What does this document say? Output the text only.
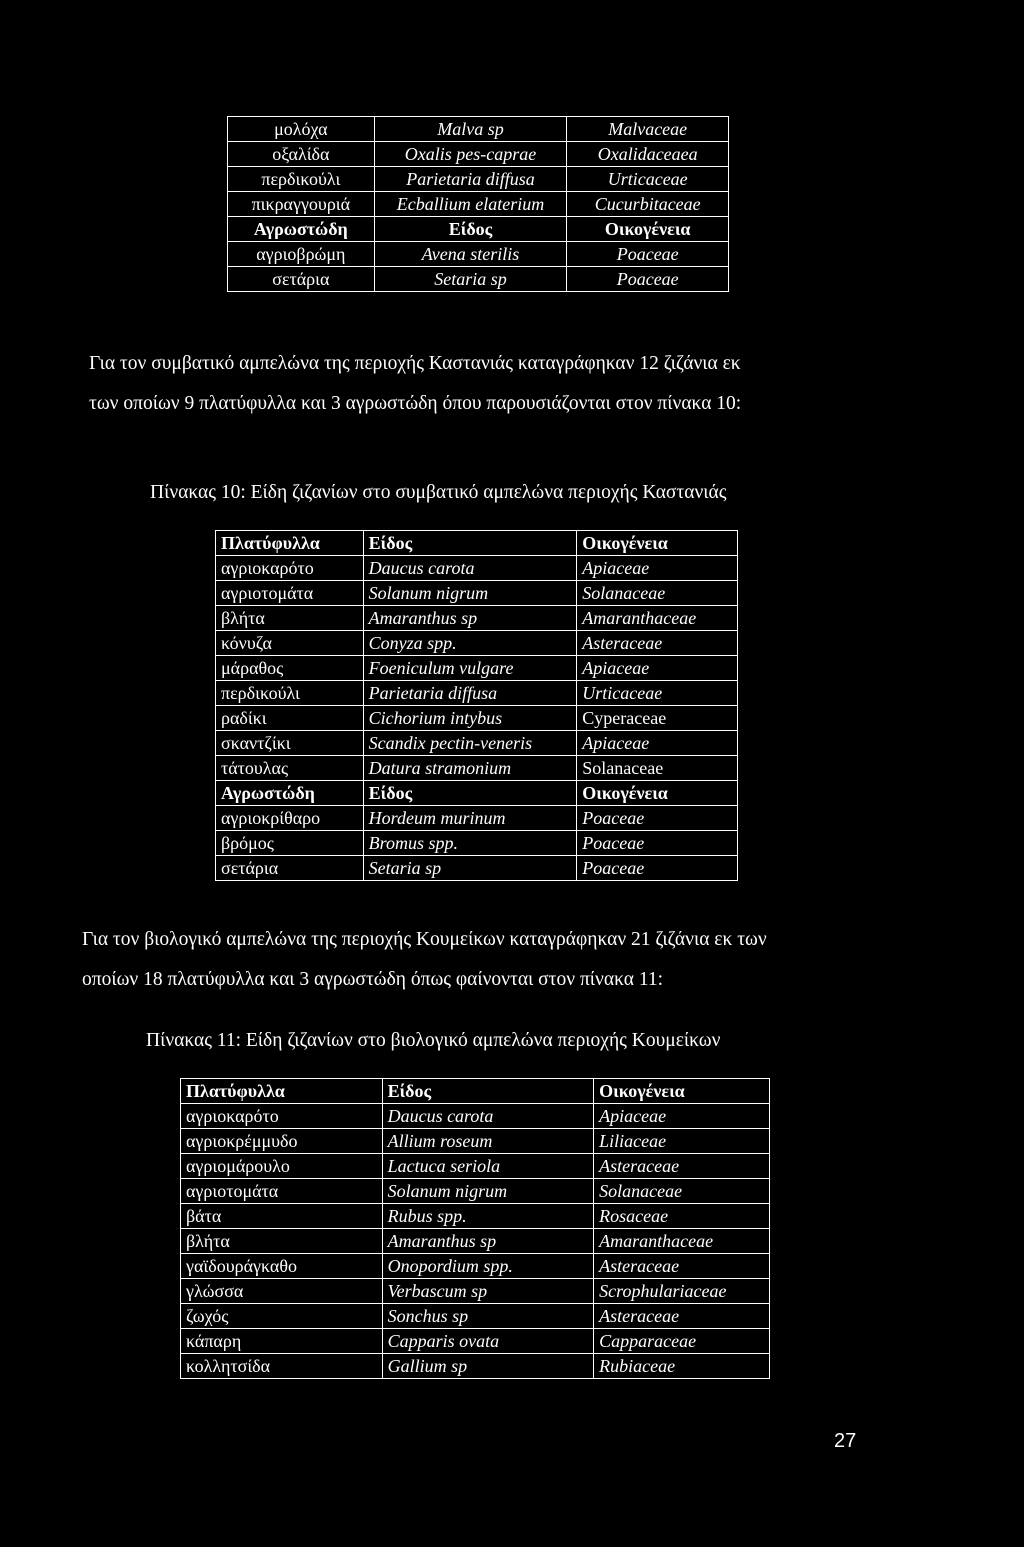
μολόχα	Malva sp	Malvaceae
οξαλίδα	Oxalis pes-caprae	Oxalidaceaea
περδικούλι	Parietaria diffusa	Urticaceae
πικραγγουριά	Ecballium elaterium	Cucurbitaceae
Αγρωστώδη	Είδος	Οικογένεια
αγριοβρώμη	Avena sterilis	Poaceae
σετάρια	Setaria sp	Poaceae

Για τον συμβατικό αμπελώνα της περιοχής Καστανιάς καταγράφηκαν 12 ζιζάνια εκ

των οποίων 9 πλατύφυλλα και 3 αγρωστώδη όπου παρουσιάζονται στον πίνακα 10:

Πίνακας 10: Είδη ζιζανίων στο συμβατικό αμπελώνα περιοχής Καστανιάς

Πλατύφυλλα	Είδος	Οικογένεια
αγριοκαρότο	Daucus carota	Apiaceae
αγριοτομάτα	Solanum nigrum	Solanaceae
βλήτα	Amaranthus sp	Amaranthaceae
κόνυζα	Conyza spp.	Asteraceae
μάραθος	Foeniculum vulgare	Apiaceae
περδικούλι	Parietaria diffusa	Urticaceae
ραδίκι	Cichorium intybus	Cyperaceae
σκαντζίκι	Scandix pectin-veneris	Apiaceae
τάτουλας	Datura stramonium	Solanaceae
Αγρωστώδη	Είδος	Οικογένεια
αγριοκρίθαρο	Hordeum murinum	Poaceae
βρόμος	Bromus spp.	Poaceae
σετάρια	Setaria sp	Poaceae

Για τον βιολογικό αμπελώνα της περιοχής Κουμείκων καταγράφηκαν 21 ζιζάνια εκ των

οποίων 18 πλατύφυλλα και 3 αγρωστώδη όπως φαίνονται στον πίνακα 11:

Πίνακας 11: Είδη ζιζανίων στο βιολογικό αμπελώνα περιοχής Κουμείκων

Πλατύφυλλα	Είδος	Οικογένεια
αγριοκαρότο	Daucus carota	Apiaceae
αγριοκρέμμυδο	Allium roseum	Liliaceae
αγριομάρουλο	Lactuca seriola	Asteraceae
αγριοτομάτα	Solanum nigrum	Solanaceae
βάτα	Rubus spp.	Rosaceae
βλήτα	Amaranthus sp	Amaranthaceae
γαϊδουράγκαθο	Onopordium spp.	Asteraceae
γλώσσα	Verbascum sp	Scrophulariaceae
ζωχός	Sonchus sp	Asteraceae
κάπαρη	Capparis ovata	Capparaceae
κολλητσίδα	Gallium sp	Rubiaceae
27
